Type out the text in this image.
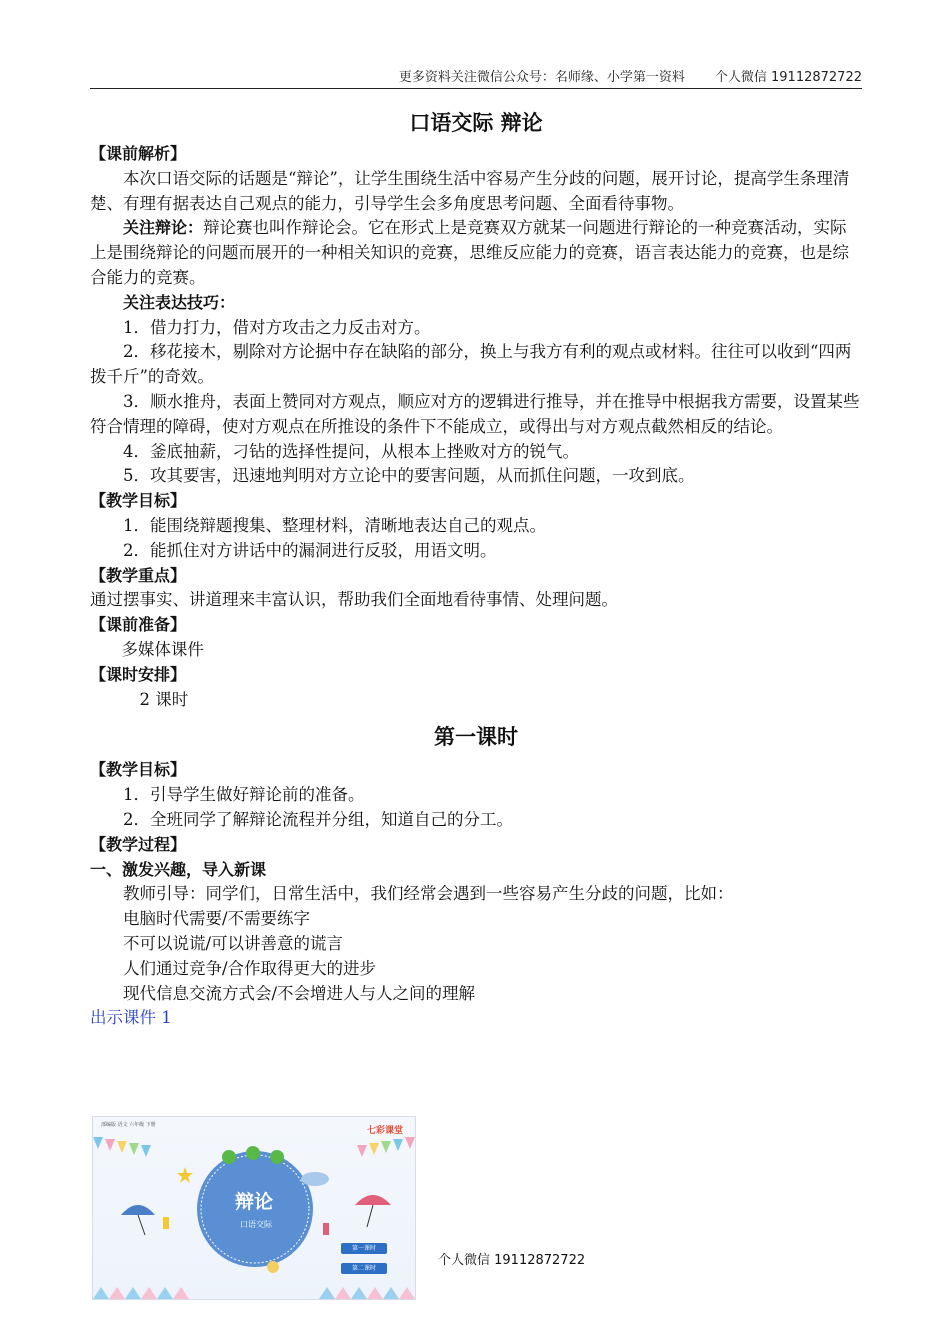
更多资料关注微信公众号：名师缘、小学第一资料 个人微信 19112872722
口语交际 辩论
【课前解析】

本次口语交际的话题是“辩论”，让学生围绕生活中容易产生分歧的问题，展开讨论，提高学生条理清楚、有理有据表达自己观点的能力，引导学生会多角度思考问题、全面看待事物。

关注辩论：辩论赛也叫作辩论会。它在形式上是竞赛双方就某一问题进行辩论的一种竞赛活动，实际上是围绕辩论的问题而展开的一种相关知识的竞赛，思维反应能力的竞赛，语言表达能力的竞赛，也是综合能力的竞赛。

关注表达技巧：

1．借力打力，借对方攻击之力反击对方。

2．移花接木，剔除对方论据中存在缺陷的部分，换上与我方有利的观点或材料。往往可以收到“四两拨千斤”的奇效。

3．顺水推舟，表面上赞同对方观点，顺应对方的逻辑进行推导，并在推导中根据我方需要，设置某些符合情理的障碍，使对方观点在所推设的条件下不能成立，或得出与对方观点截然相反的结论。

4．釜底抽薪，刁钻的选择性提问，从根本上挫败对方的锐气。

5．攻其要害，迅速地判明对方立论中的要害问题，从而抓住问题，一攻到底。

【教学目标】

1．能围绕辩题搜集、整理材料，清晰地表达自己的观点。

2．能抓住对方讲话中的漏洞进行反驳，用语文明。

【教学重点】

通过摆事实、讲道理来丰富认识，帮助我们全面地看待事情、处理问题。

【课前准备】

多媒体课件

【课时安排】

2 课时

第一课时
【教学目标】

1．引导学生做好辩论前的准备。

2．全班同学了解辩论流程并分组，知道自己的分工。

【教学过程】
一、激发兴趣，导入新课

教师引导：同学们，日常生活中，我们经常会遇到一些容易产生分歧的问题，比如：

电脑时代需要/不需要练字

不可以说谎/可以讲善意的谎言

人们通过竞争/合作取得更大的进步

现代信息交流方式会/不会增进人与人之间的理解

出示课件 1

部编版 语文 六年级 下册
七彩课堂
辩论
口语交际
第一课时
第二课时
个人微信 19112872722
